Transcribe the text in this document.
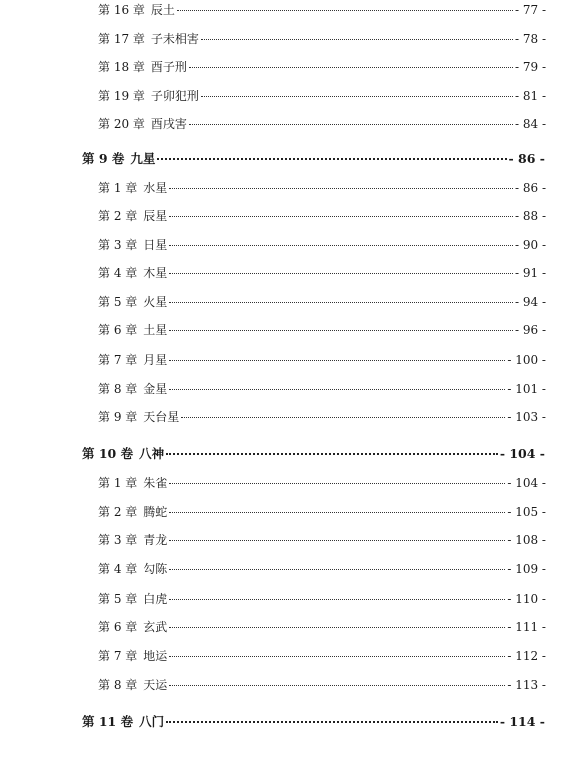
第 16 章 辰土	- 77 -
第 17 章 子未相害	- 78 -
第 18 章 酉子刑	- 79 -
第 19 章 子卯犯刑	- 81 -
第 20 章 酉戌害	- 84 -
第 9 卷 九星	- 86 -
第 1 章 水星	- 86 -
第 2 章 辰星	- 88 -
第 3 章 日星	- 90 -
第 4 章 木星	- 91 -
第 5 章 火星	- 94 -
第 6 章 土星	- 96 -
第 7 章 月星	- 100 -
第 8 章 金星	- 101 -
第 9 章 天台星	- 103 -
第 10 卷 八神	- 104 -
第 1 章 朱雀	- 104 -
第 2 章 腾蛇	- 105 -
第 3 章 青龙	- 108 -
第 4 章 勾陈	- 109 -
第 5 章 白虎	- 110 -
第 6 章 玄武	- 111 -
第 7 章 地运	- 112 -
第 8 章 天运	- 113 -
第 11 卷 八门	- 114 -
